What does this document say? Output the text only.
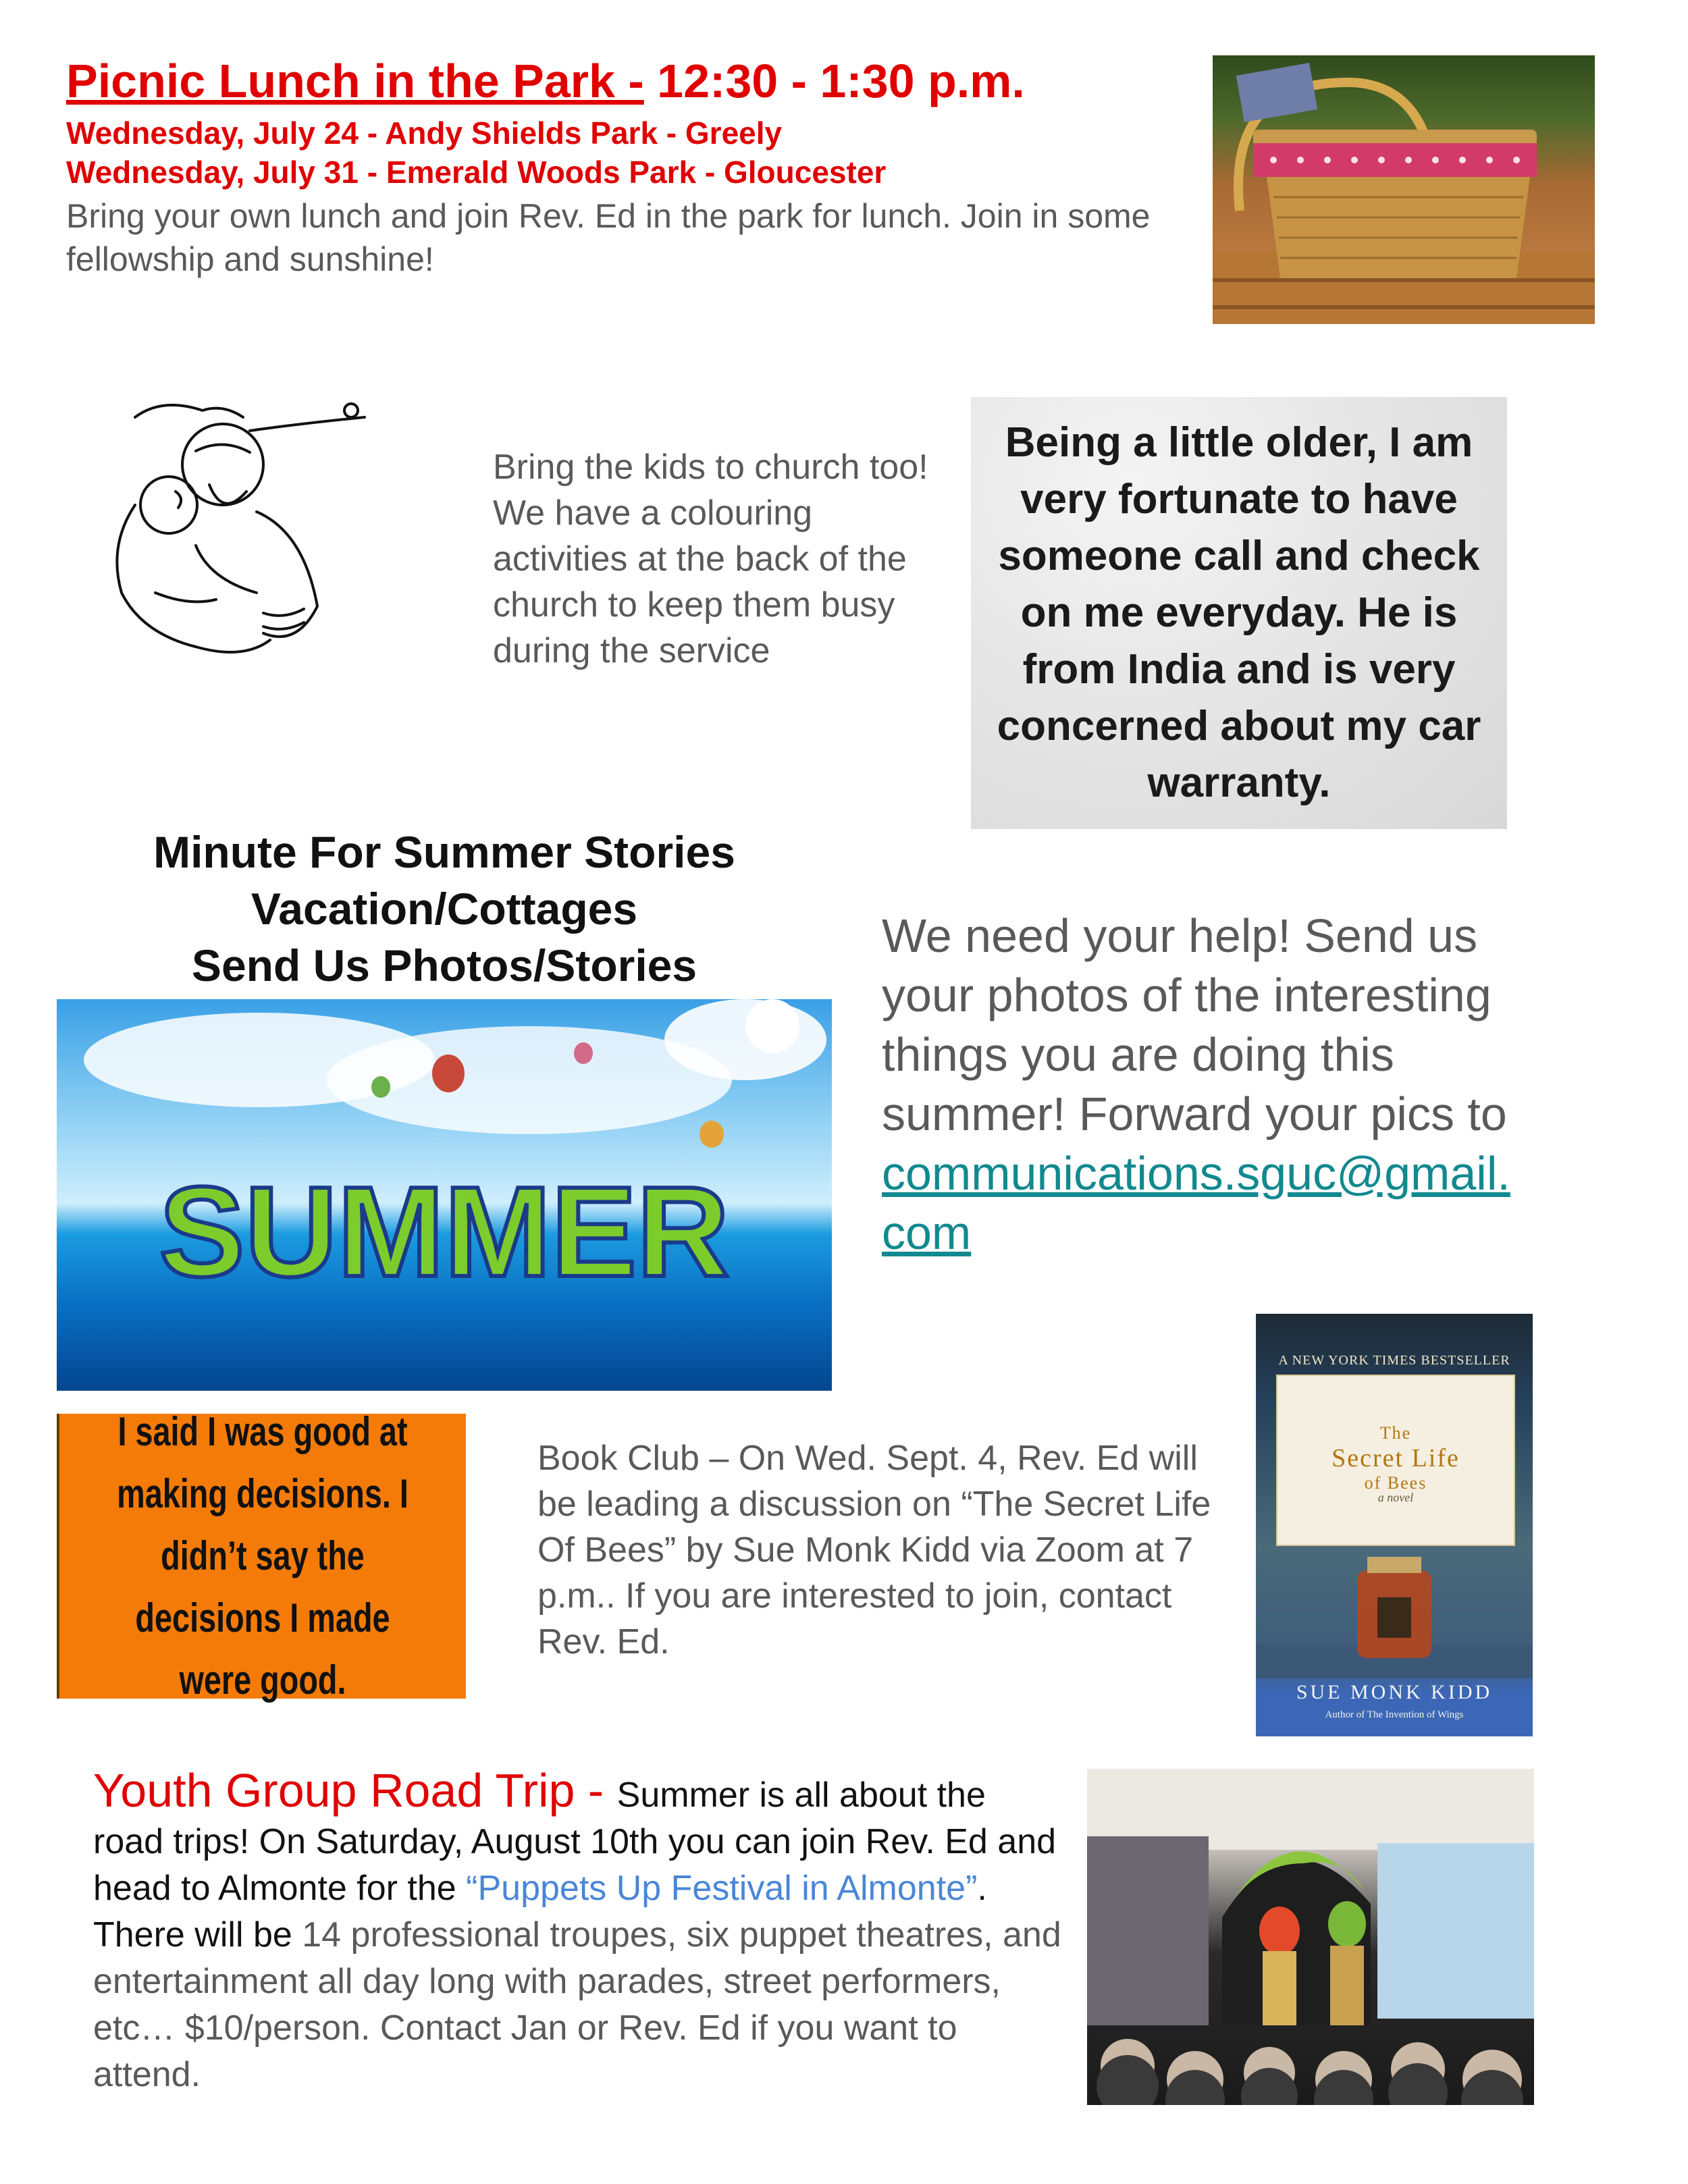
Picnic Lunch in the Park - 12:30 - 1:30 p.m.
Wednesday, July 24 - Andy Shields Park - Greely
Wednesday, July 31 - Emerald Woods Park - Gloucester
Bring your own lunch and join Rev. Ed in the park for lunch. Join in some fellowship and sunshine!
Bring the kids to church too! We have a colouring activities at the back of the church to keep them busy during the service
Being a little older, I am very fortunate to have someone call and check on me everyday. He is from India and is very concerned about my car warranty.
Minute For Summer Stories
Vacation/Cottages
Send Us Photos/Stories
SUMMER
We need your help! Send us your photos of the interesting things you are doing this summer! Forward your pics to communications.sguc@gmail.
com
I said I was good at making decisions. I didn’t say the decisions I made were good.
Book Club – On Wed. Sept. 4, Rev. Ed will be leading a discussion on “The Secret Life Of Bees” by Sue Monk Kidd via Zoom at 7 p.m.. If you are interested to join, contact Rev. Ed.
A NEW YORK TIMES BESTSELLER
The
Secret Life
of Bees
a novel
SUE MONK KIDD
Author of The Invention of Wings
Youth Group Road Trip - Summer is all about the road trips! On Saturday, August 10th you can join Rev. Ed and head to Almonte for the “Puppets Up Festival in Almonte”. There will be 14 professional troupes, six puppet theatres, and entertainment all day long with parades, street performers, etc… $10/person. Contact Jan or Rev. Ed if you want to attend.
